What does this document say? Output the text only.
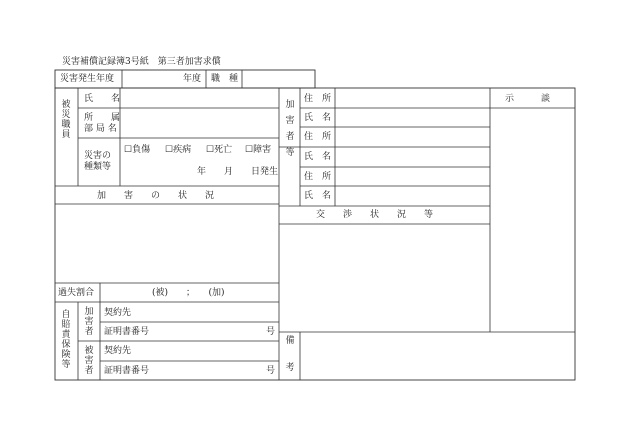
災害補償記録簿3号紙　第三者加害求償
災害発生年度	年度 職　種
被
災
職
員
氏　　名
所　　属
部 局 名
災害の
種類等
☐負傷 ☐疾病 ☐死亡 ☐障害
年　　月　　日発生
加　　害　　の　　状　　況
加

害

者

等
住　所
氏　名
住　所
氏　名
住　所
氏　名
交　　渉　　状　　況　　等
示　　　談
過失割合	(被)　　；　　(加)
自
賠
責
保
険
等
加
害
者
契約先
証明書番号	号
被
害
者
契約先
証明書番号	号
備

考
